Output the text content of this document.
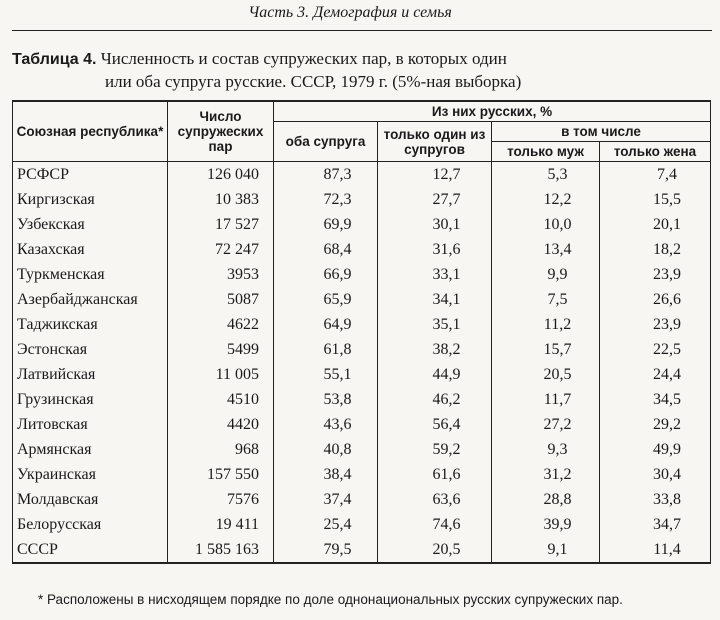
Часть 3. Демография и семья
Таблица 4. Численность и состав супружеских пар, в которых один
или оба супруга русские. СССР, 1979 г. (5%-ная выборка)
Союзная республика*	Число супружеских пар	Из них русских, %			
		оба супруга	только один из супругов	в том числе	
				только муж	только жена
РСФСР	126 040	87,3	12,7	5,3	7,4
Киргизская	10 383	72,3	27,7	12,2	15,5
Узбекская	17 527	69,9	30,1	10,0	20,1
Казахская	72 247	68,4	31,6	13,4	18,2
Туркменская	3953	66,9	33,1	9,9	23,9
Азербайджанская	5087	65,9	34,1	7,5	26,6
Таджикская	4622	64,9	35,1	11,2	23,9
Эстонская	5499	61,8	38,2	15,7	22,5
Латвийская	11 005	55,1	44,9	20,5	24,4
Грузинская	4510	53,8	46,2	11,7	34,5
Литовская	4420	43,6	56,4	27,2	29,2
Армянская	968	40,8	59,2	9,3	49,9
Украинская	157 550	38,4	61,6	31,2	30,4
Молдавская	7576	37,4	63,6	28,8	33,8
Белорусская	19 411	25,4	74,6	39,9	34,7
СССР	1 585 163	79,5	20,5	9,1	11,4
* Расположены в нисходящем порядке по доле однонациональных русских супружеских пар.
